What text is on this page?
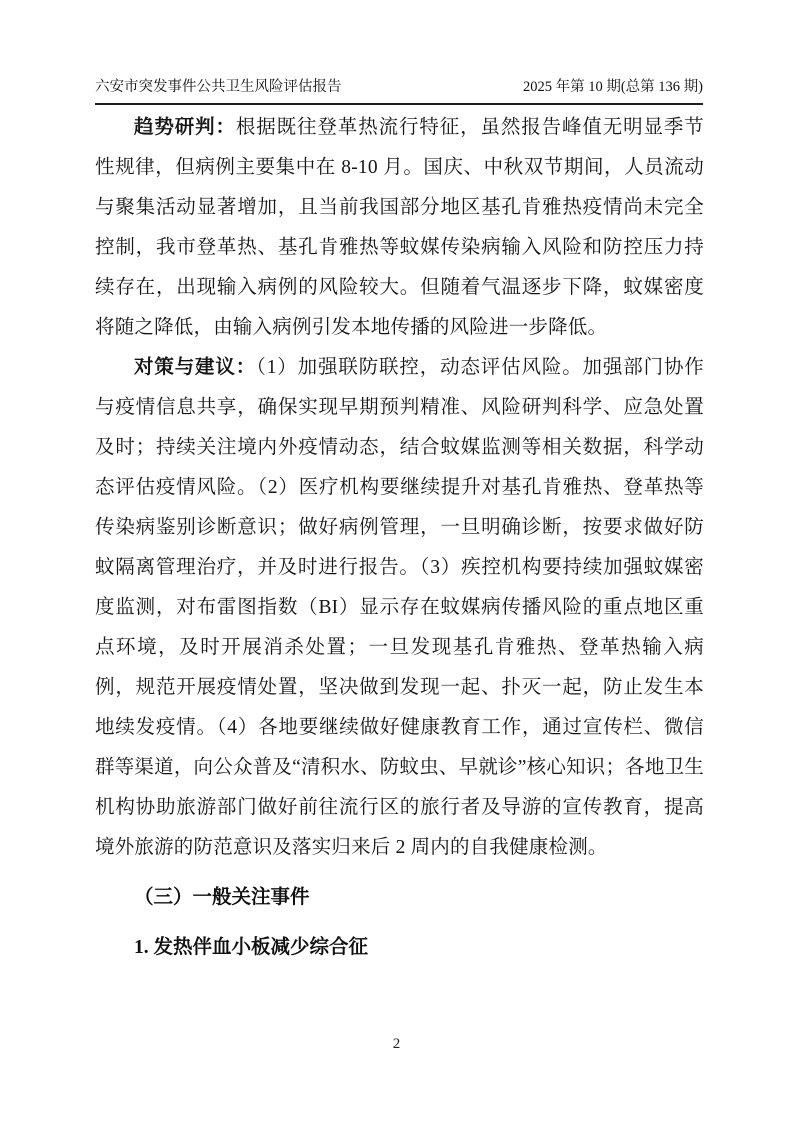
六安市突发事件公共卫生风险评估报告	2025 年第 10 期(总第 136 期)

趋势研判：根据既往登革热流行特征，虽然报告峰值无明显季节性规律，但病例主要集中在 8-10 月。国庆、中秋双节期间，人员流动与聚集活动显著增加，且当前我国部分地区基孔肯雅热疫情尚未完全控制，我市登革热、基孔肯雅热等蚊媒传染病输入风险和防控压力持续存在，出现输入病例的风险较大。但随着气温逐步下降，蚊媒密度将随之降低，由输入病例引发本地传播的风险进一步降低。

对策与建议：（1）加强联防联控，动态评估风险。加强部门协作与疫情信息共享，确保实现早期预判精准、风险研判科学、应急处置及时；持续关注境内外疫情动态，结合蚊媒监测等相关数据，科学动态评估疫情风险。（2）医疗机构要继续提升对基孔肯雅热、登革热等传染病鉴别诊断意识；做好病例管理，一旦明确诊断，按要求做好防蚊隔离管理治疗，并及时进行报告。（3）疾控机构要持续加强蚊媒密度监测，对布雷图指数（BI）显示存在蚊媒病传播风险的重点地区重点环境，及时开展消杀处置；一旦发现基孔肯雅热、登革热输入病例，规范开展疫情处置，坚决做到发现一起、扑灭一起，防止发生本地续发疫情。（4）各地要继续做好健康教育工作，通过宣传栏、微信群等渠道，向公众普及“清积水、防蚊虫、早就诊”核心知识；各地卫生机构协助旅游部门做好前往流行区的旅行者及导游的宣传教育，提高境外旅游的防范意识及落实归来后 2 周内的自我健康检测。

（三）一般关注事件

1. 发热伴血小板减少综合征

2
